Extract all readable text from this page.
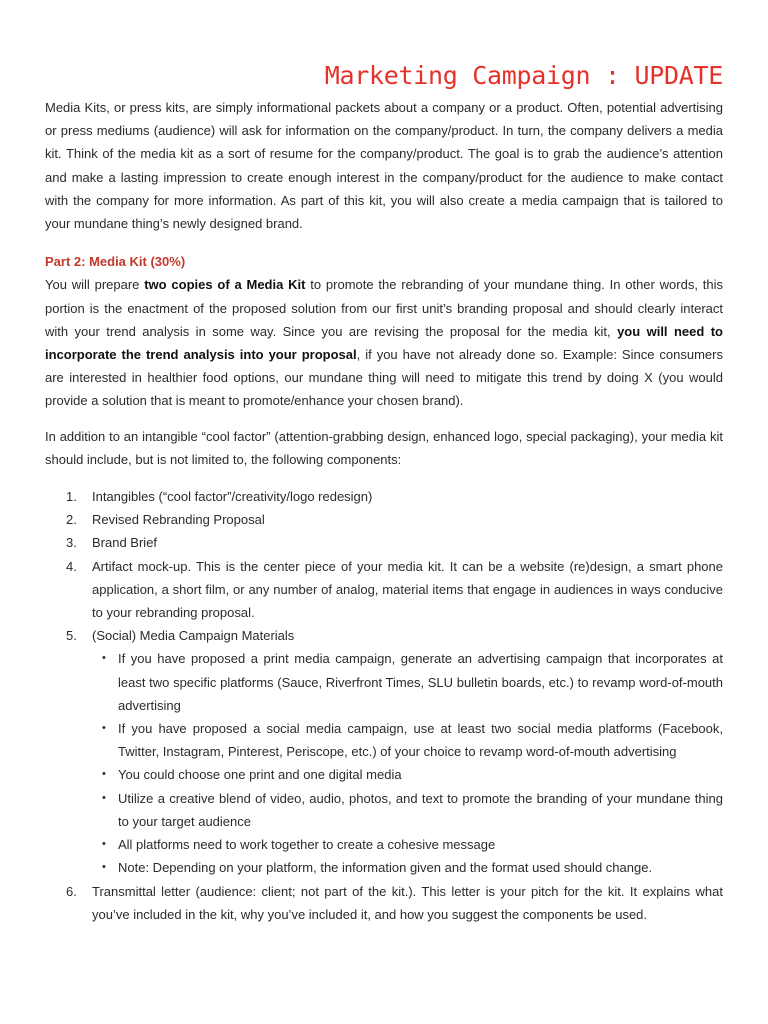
Marketing Campaign : UPDATE

Media Kits, or press kits, are simply informational packets about a company or a product. Often, potential advertising or press mediums (audience) will ask for information on the company/product. In turn, the company delivers a media kit. Think of the media kit as a sort of resume for the company/product. The goal is to grab the audience’s attention and make a lasting impression to create enough interest in the company/product for the audience to make contact with the company for more information. As part of this kit, you will also create a media campaign that is tailored to your mundane thing’s newly designed brand.

Part 2: Media Kit (30%)

You will prepare two copies of a Media Kit to promote the rebranding of your mundane thing. In other words, this portion is the enactment of the proposed solution from our first unit’s branding proposal and should clearly interact with your trend analysis in some way. Since you are revising the proposal for the media kit, you will need to incorporate the trend analysis into your proposal, if you have not already done so. Example: Since consumers are interested in healthier food options, our mundane thing will need to mitigate this trend by doing X (you would provide a solution that is meant to promote/enhance your chosen brand).

In addition to an intangible “cool factor” (attention-grabbing design, enhanced logo, special packaging), your media kit should include, but is not limited to, the following components:

1. Intangibles (“cool factor”/creativity/logo redesign)
2. Revised Rebranding Proposal
3. Brand Brief
4. Artifact mock-up. This is the center piece of your media kit. It can be a website (re)design, a smart phone application, a short film, or any number of analog, material items that engage in audiences in ways conducive to your rebranding proposal.

5. (Social) Media Campaign Materials
• If you have proposed a print media campaign, generate an advertising campaign that incorporates at least two specific platforms (Sauce, Riverfront Times, SLU bulletin boards, etc.) to revamp word-of-mouth advertising
• If you have proposed a social media campaign, use at least two social media platforms (Facebook, Twitter, Instagram, Pinterest, Periscope, etc.) of your choice to revamp word-of-mouth advertising
• You could choose one print and one digital media
• Utilize a creative blend of video, audio, photos, and text to promote the branding of your mundane thing to your target audience
• All platforms need to work together to create a cohesive message
• Note: Depending on your platform, the information given and the format used should change.
6. Transmittal letter (audience: client; not part of the kit.). This letter is your pitch for the kit. It explains what you’ve included in the kit, why you’ve included it, and how you suggest the components be used.
